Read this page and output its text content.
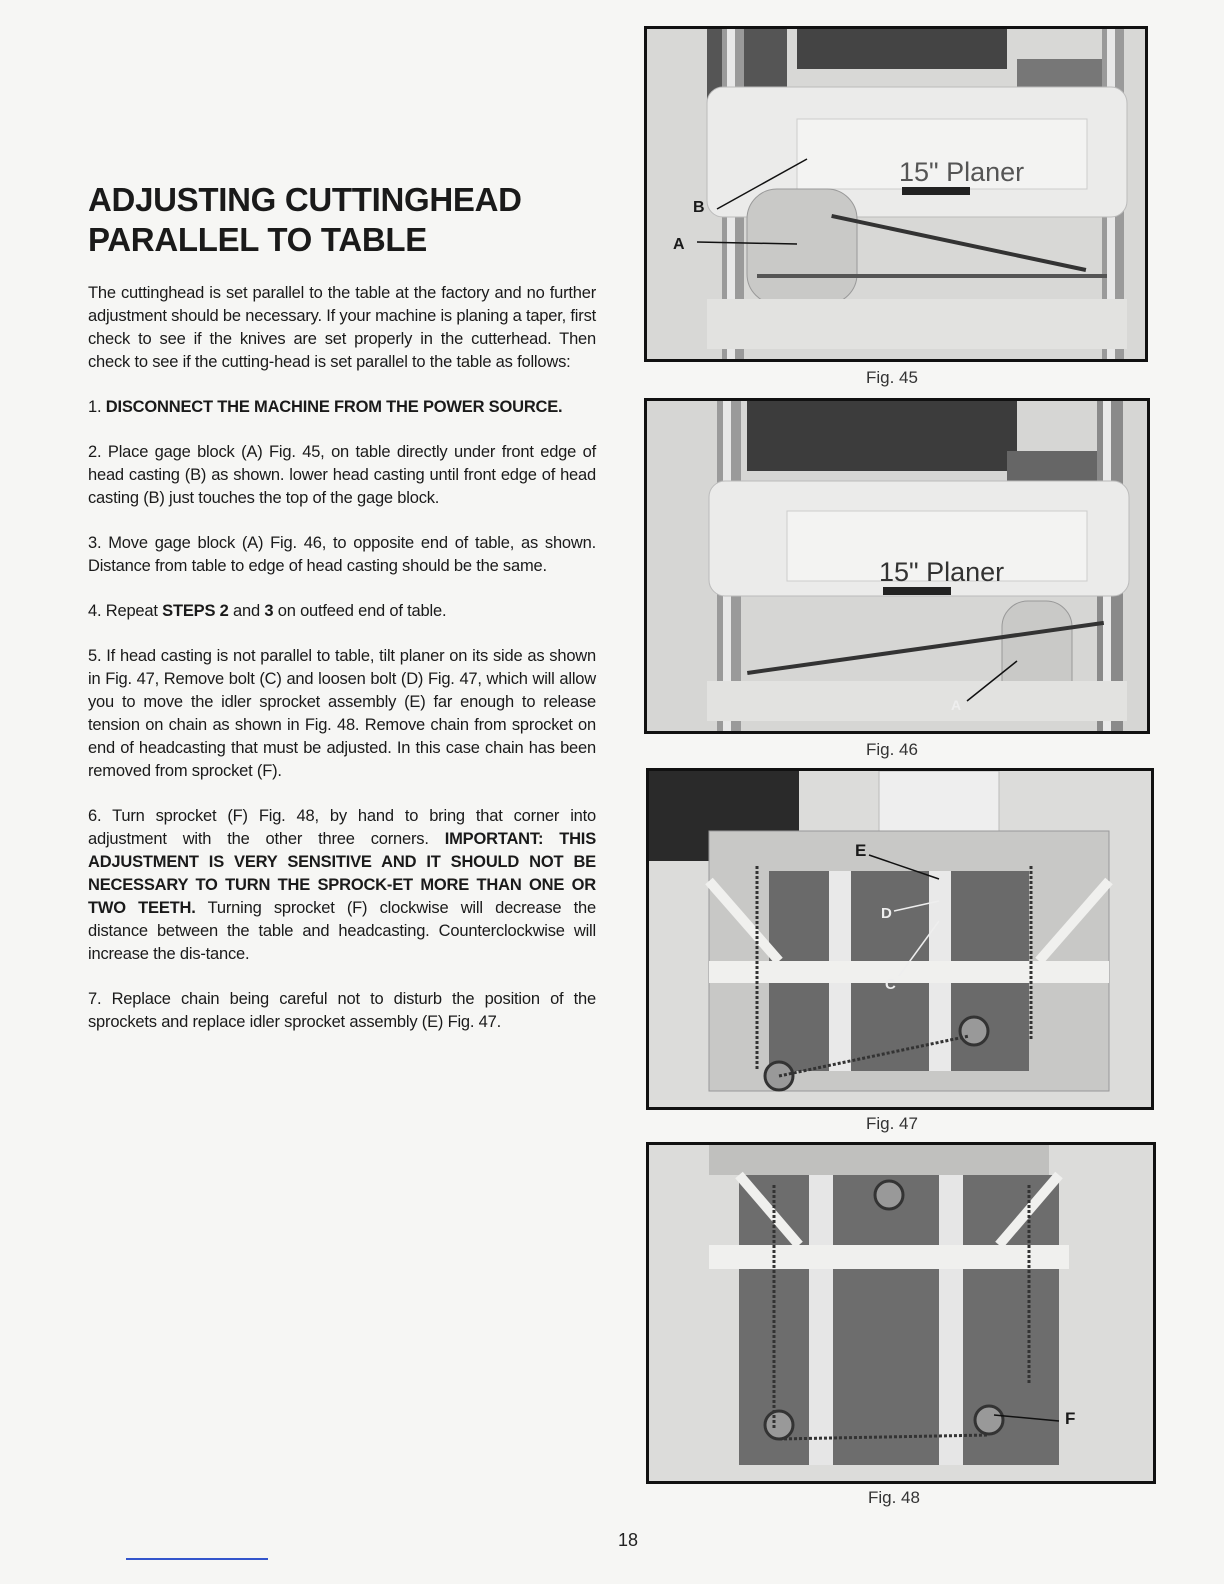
ADJUSTING CUTTINGHEAD
PARALLEL TO TABLE

The cuttinghead is set parallel to the table at the factory and no further adjustment should be necessary. If your machine is planing a taper, first check to see if the knives are set properly in the cutterhead. Then check to see if the cutting-head is set parallel to the table as follows:

1. DISCONNECT THE MACHINE FROM THE POWER SOURCE.

2. Place gage block (A) Fig. 45, on table directly under front edge of head casting (B) as shown. lower head casting until front edge of head casting (B) just touches the top of the gage block.

3. Move gage block (A) Fig. 46, to opposite end of table, as shown. Distance from table to edge of head casting should be the same.

4. Repeat STEPS 2 and 3 on outfeed end of table.

5. If head casting is not parallel to table, tilt planer on its side as shown in Fig. 47, Remove bolt (C) and loosen bolt (D) Fig. 47, which will allow you to move the idler sprocket assembly (E) far enough to release tension on chain as shown in Fig. 48. Remove chain from sprocket on end of headcasting that must be adjusted. In this case chain has been removed from sprocket (F).

6. Turn sprocket (F) Fig. 48, by hand to bring that corner into adjustment with the other three corners. IMPORTANT: THIS ADJUSTMENT IS VERY SENSITIVE AND IT SHOULD NOT BE NECESSARY TO TURN THE SPROCK-ET MORE THAN ONE OR TWO TEETH. Turning sprocket (F) clockwise will decrease the distance between the table and headcasting. Counterclockwise will increase the dis-tance.

7. Replace chain being careful not to disturb the position of the sprockets and replace idler sprocket assembly (E) Fig. 47.

15" Planer
B
A
Fig. 45
15" Planer
A
Fig. 46
E
D
C
Fig. 47
F
Fig. 48
18
